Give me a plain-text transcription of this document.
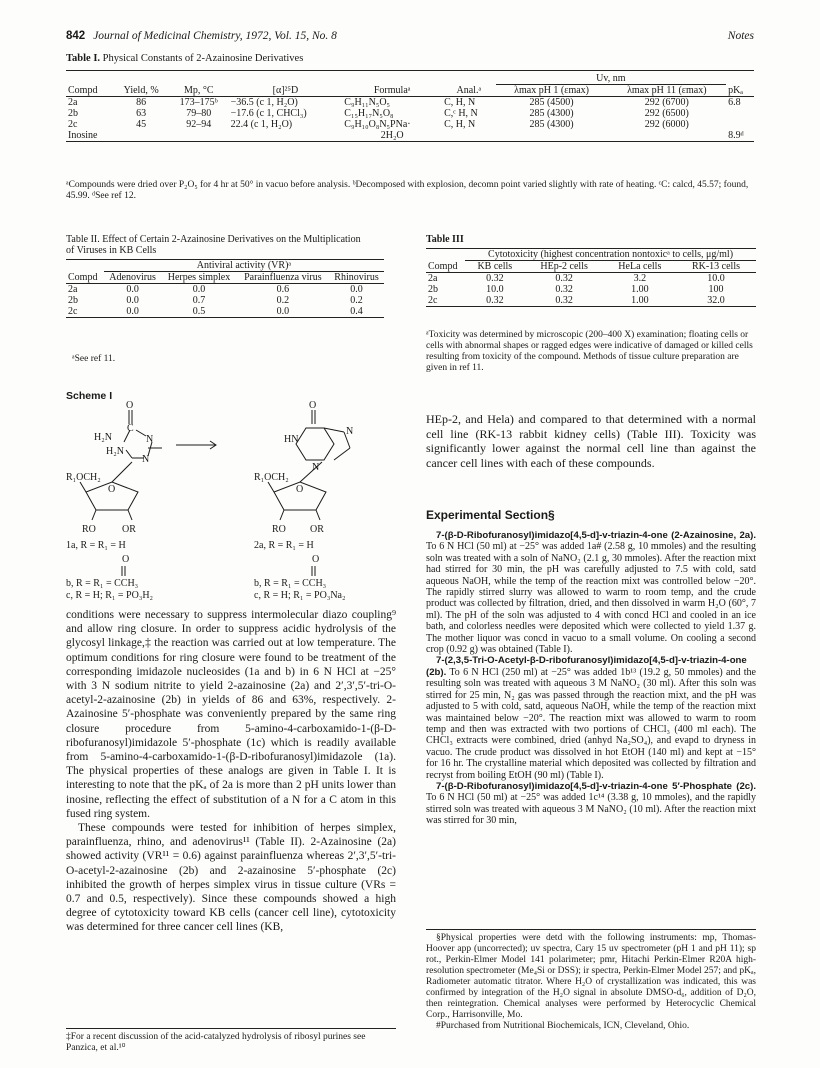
842 Journal of Medicinal Chemistry, 1972, Vol. 15, No. 8	Notes
Table I. Physical Constants of 2-Azainosine Derivatives

						Uv, nm		
Compd	Yield, %	Mp, °C	[α]²⁵D	Formulaᵃ	Anal.ᵃ	λmax pH 1 (εmax)	λmax pH 11 (εmax)	pKₐ
2a	86	173–175ᵇ	−36.5 (c 1, H₂O)	C₉H₁₁N₅O₅	C, H, N	285 (4500)	292 (6700)	6.8
2b	63	79–80	−17.6 (c 1, CHCl₃)	C₁₅H₁₇N₅O₈	C,ᶜ H, N	285 (4300)	292 (6500)	
2c	45	92–94	22.4 (c 1, H₂O)	C₉H₁₀O₈N₅PNa·	C, H, N	285 (4300)	292 (6000)	
Inosine				2H₂O				8.9ᵈ
ᵃCompounds were dried over P₂O₅ for 4 hr at 50° in vacuo before analysis. ᵇDecomposed with explosion, decomn point varied slightly with rate of heating. ᶜC: calcd, 45.57; found, 45.99. ᵈSee ref 12.
Table II. Effect of Certain 2-Azainosine Derivatives on the Multiplication of Viruses in KB Cells
	Antiviral activity (VR)ᵃ			
Compd	Adenovirus	Herpes simplex	Parainfluenza virus	Rhinovirus
2a	0.0	0.0	0.6	0.0
2b	0.0	0.7	0.2	0.2
2c	0.0	0.5	0.0	0.4
ᵃSee ref 11.
Table III
	Cytotoxicity (highest concentration nontoxicᵃ to cells, μg/ml)			
Compd	KB cells	HEp-2 cells	HeLa cells	RK-13 cells
2a	0.32	0.32	3.2	10.0
2b	10.0	0.32	1.00	100
2c	0.32	0.32	1.00	32.0
ᵃToxicity was determined by microscopic (200–400 X) examination; floating cells or cells with abnormal shapes or ragged edges were indicative of damaged or killed cells resulting from toxicity of the compound. Methods of tissue culture preparation are given in ref 11.
Scheme I
O
C
N
H₂N
H₂N
N
R₁OCH₂
O
RO	OR
1a, R = R₁ = H
O
b, R = R₁ = CCH₃
c, R = H; R₁ = PO₃H₂
O
HN
N
N
R₁OCH₂
O
RO OR
2a, R = R₁ = H
O
b, R = R₁ = CCH₃
c, R = H; R₁ = PO₃Na₂

conditions were necessary to suppress intermolecular diazo coupling⁹ and allow ring closure. In order to suppress acidic hydrolysis of the glycosyl linkage,‡ the reaction was carried out at low temperature. The optimum conditions for ring closure were found to be treatment of the corresponding imidazole nucleosides (1a and b) in 6 N HCl at −25° with 3 N sodium nitrite to yield 2-azainosine (2a) and 2′,3′,5′-tri-O-acetyl-2-azainosine (2b) in yields of 86 and 63%, respectively. 2-Azainosine 5′-phosphate was conveniently prepared by the same ring closure procedure from 5-amino-4-carboxamido-1-(β-D-ribofuranosyl)imidazole 5′-phosphate (1c) which is readily available from 5-amino-4-carboxamido-1-(β-D-ribofuranosyl)imidazole (1a). The physical properties of these analogs are given in Table I. It is interesting to note that the pKₐ of 2a is more than 2 pH units lower than inosine, reflecting the effect of substitution of a N for a C atom in this fused ring system.

These compounds were tested for inhibition of herpes simplex, parainfluenza, rhino, and adenovirus¹¹ (Table II). 2-Azainosine (2a) showed activity (VR¹¹ = 0.6) against parainfluenza whereas 2′,3′,5′-tri-O-acetyl-2-azainosine (2b) and 2-azainosine 5′-phosphate (2c) inhibited the growth of herpes simplex virus in tissue culture (VRs = 0.7 and 0.5, respectively). Since these compounds showed a high degree of cytotoxicity toward KB cells (cancer cell line), cytotoxicity was determined for three cancer cell lines (KB,

‡For a recent discussion of the acid-catalyzed hydrolysis of ribosyl purines see Panzica, et al.¹⁰
HEp-2, and Hela) and compared to that determined with a normal cell line (RK-13 rabbit kidney cells) (Table III). Toxicity was significantly lower against the normal cell line than against the cancer cell lines with each of these compounds.
Experimental Section§

7-(β-D-Ribofuranosyl)imidazo[4,5-d]-v-triazin-4-one (2-Azainosine, 2a). To 6 N HCl (50 ml) at −25° was added 1a# (2.58 g, 10 mmoles) and the resulting soln was treated with a soln of NaNO₂ (2.1 g, 30 mmoles). After the reaction mixt had stirred for 30 min, the pH was carefully adjusted to 7.5 with cold, satd aqueous NaOH, while the temp of the reaction mixt was controlled below −20°. The rapidly stirred slurry was allowed to warm to room temp, and the crude product was collected by filtration, dried, and then dissolved in warm H₂O (60°, 7 ml). The pH of the soln was adjusted to 4 with concd HCl and cooled in an ice bath, and colorless needles were deposited which were collected to yield 1.37 g. The mother liquor was concd in vacuo to a small volume. On cooling a second crop (0.92 g) was obtained (Table I).

7-(2,3,5-Tri-O-Acetyl-β-D-ribofuranosyl)imidazo[4,5-d]-v-triazin-4-one (2b). To 6 N HCl (250 ml) at −25° was added 1b¹³ (19.2 g, 50 mmoles) and the resulting soln was treated with aqueous 3 M NaNO₂ (30 ml). After this soln was stirred for 25 min, N₂ gas was passed through the reaction mixt, and the pH was adjusted to 5 with cold, satd, aqueous NaOH, while the temp of the reaction mixt was maintained below −20°. The reaction mixt was allowed to warm to room temp and then was extracted with two portions of CHCl₃ (400 ml each). The CHCl₃ extracts were combined, dried (anhyd Na₂SO₄), and evapd to dryness in vacuo. The crude product was dissolved in hot EtOH (140 ml) and kept at −15° for 16 hr. The crystalline material which deposited was collected by filtration and recryst from boiling EtOH (90 ml) (Table I).

7-(β-D-Ribofuranosyl)imidazo[4,5-d]-v-triazin-4-one 5′-Phosphate (2c). To 6 N HCl (50 ml) at −25° was added 1c¹⁴ (3.38 g, 10 mmoles), and the rapidly stirred soln was treated with aqueous 3 M NaNO₂ (10 ml). After the reaction mixt was stirred for 30 min,

§Physical properties were detd with the following instruments: mp, Thomas-Hoover app (uncorrected); uv spectra, Cary 15 uv spectrometer (pH 1 and pH 11); sp rot., Perkin-Elmer Model 141 polarimeter; pmr, Hitachi Perkin-Elmer R20A high-resolution spectrometer (Me₄Si or DSS); ir spectra, Perkin-Elmer Model 257; and pKₐ, Radiometer automatic titrator. Where H₂O of crystallization was indicated, this was confirmed by integration of the H₂O signal in absolute DMSO-d₆, addition of D₂O, then reintegration. Chemical analyses were performed by Heterocyclic Chemical Corp., Harrisonville, Mo.

#Purchased from Nutritional Biochemicals, ICN, Cleveland, Ohio.
